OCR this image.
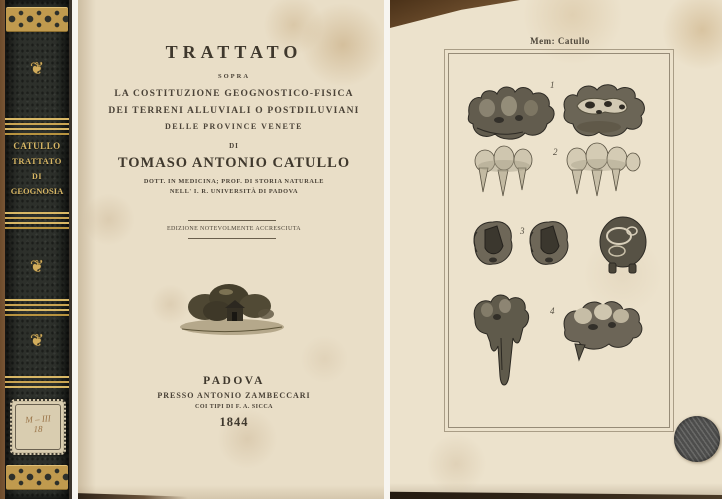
❦
CATULLO
TRATTATO
DI
GEOGNOSIA
❦
❦
M – III
18
TRATTATO
SOPRA
LA COSTITUZIONE GEOGNOSTICO-FISICA
DEI TERRENI ALLUVIALI O POSTDILUVIANI
DELLE PROVINCE VENETE
DI
TOMASO ANTONIO CATULLO
DOTT. IN MEDICINA; PROF. DI STORIA NATURALE
NELL' I. R. UNIVERSITÀ DI PADOVA
EDIZIONE NOTEVOLMENTE ACCRESCIUTA
PADOVA
PRESSO ANTONIO ZAMBECCARI
COI TIPI DI F. A. SICCA
1844
Mem: Catullo
1
2
3
4
